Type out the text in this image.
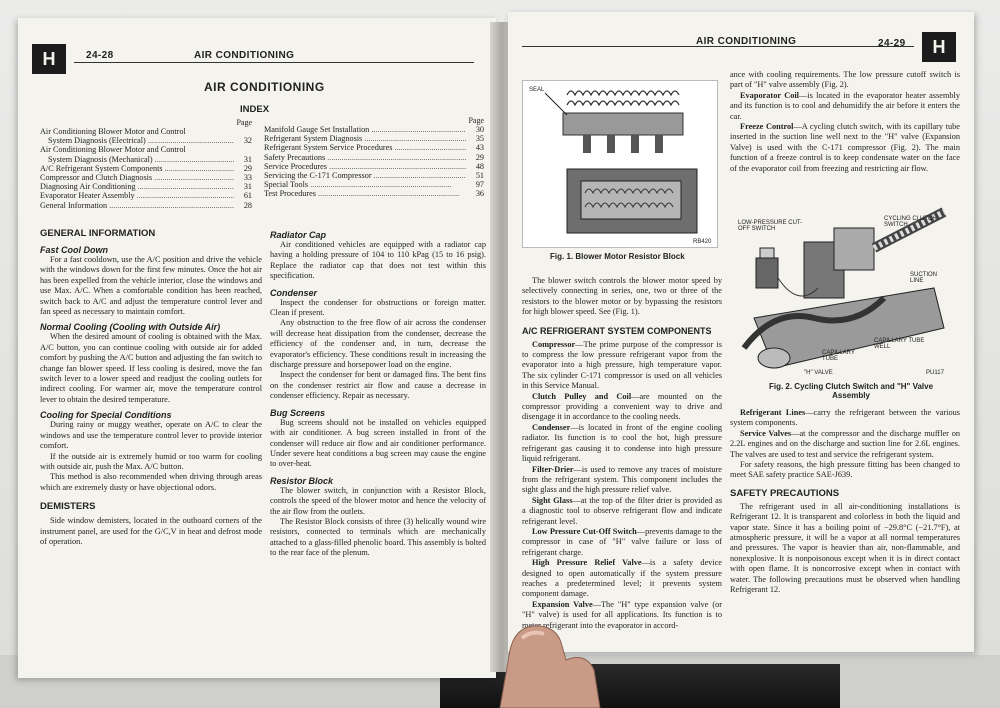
H	24-28	AIR CONDITIONING
AIR CONDITIONING
INDEX
Page
Air Conditioning Blower Motor and Control
System Diagnosis (Electrical) .....	32
Air Conditioning Blower Motor and Control
System Diagnosis (Mechanical) .....	31
A/C Refrigerant System Components .....	29
Compressor and Clutch Diagnosis .....	33
Diagnosing Air Conditioning .....	31
Evaporator Heater Assembly .....	61
General Information .....	28
Page
Manifold Gauge Set Installation .....	30
Refrigerant System Diagnosis .....	35
Refrigerant System Service Procedures .....	43
Safety Precautions .....	29
Service Procedures .....	48
Servicing the C-171 Compressor .....	51
Special Tools .....	97
Test Procedures .....	36
GENERAL INFORMATION
Fast Cool Down

For a fast cooldown, use the A/C position and drive the vehicle with the windows down for the first few minutes. Once the hot air has been expelled from the vehicle interior, close the windows and use Max. A/C. When a comfortable condition has been reached, switch back to A/C and adjust the temperature control lever and fan speed as necessary to maintain comfort.

Normal Cooling (Cooling with Outside Air)

When the desired amount of cooling is obtained with the Max. A/C button, you can continue cooling with outside air for added comfort by pushing the A/C button and adjusting the fan switch to change fan blower speed. If less cooling is desired, move the fan switch lever to a lower speed and readjust the cooling outlets for indirect cooling. For warmer air, move the temperature control lever to obtain the desired temperature.

Cooling for Special Conditions

During rainy or muggy weather, operate on A/C to clear the windows and use the temperature control lever to provide interior comfort.

If the outside air is extremely humid or too warm for cooling with outside air, push the Max. A/C button.

This method is also recommended when driving through areas which are extremely dusty or have objectional odors.

DEMISTERS

Side window demisters, located in the outboard corners of the instrument panel, are used for the G/C,V in heat and defrost mode of operation.

Radiator Cap

Air conditioned vehicles are equipped with a radiator cap having a holding pressure of 104 to 110 kPag (15 to 16 psig). Replace the radiator cap that does not test within this specification.

Condenser

Inspect the condenser for obstructions or foreign matter. Clean if present.

Any obstruction to the free flow of air across the condenser will decrease heat dissipation from the condenser, decrease the efficiency of the condenser and, in turn, decrease the evaporator's efficiency. These conditions result in increasing the discharge pressure and horsepower load on the engine.

Inspect the condenser for bent or damaged fins. The bent fins on the condenser restrict air flow and cause a decrease in condenser efficiency. Repair as necessary.

Bug Screens

Bug screens should not be installed on vehicles equipped with air conditioner. A bug screen installed in front of the condenser will reduce air flow and air conditioner performance. Under severe heat conditions a bug screen may cause the engine to over-heat.

Resistor Block

The blower switch, in conjunction with a Resistor Block, controls the speed of the blower motor and hence the velocity of the air flow from the outlets.

The Resistor Block consists of three (3) helically wound wire resistors, connected to terminals which are mechanically attached to a glass-filled phenolic board. This assembly is bolted to the rear face of the plenum.

AIR CONDITIONING	24-29	H
SEAL
RB420
Fig. 1. Blower Motor Resistor Block

The blower switch controls the blower motor speed by selectively connecting in series, one, two or three of the resistors to the blower motor or by bypassing the resistors for high blower speed. See (Fig. 1).

A/C REFRIGERANT SYSTEM COMPONENTS

Compressor—The prime purpose of the compressor is to compress the low pressure refrigerant vapor from the evaporator into a high pressure, high temperature vapor. The six cylinder C-171 compressor is used on all vehicles in this Service Manual.

Clutch Pulley and Coil—are mounted on the compressor providing a convenient way to drive and disengage it in accordance to the cooling needs.

Condenser—is located in front of the engine cooling radiator. Its function is to cool the hot, high pressure refrigerant gas causing it to condense into high pressure liquid refrigerant.

Filter-Drier—is used to remove any traces of moisture from the refrigerant system. This component includes the sight glass and the high pressure relief valve.

Sight Glass—at the top of the filter drier is provided as a diagnostic tool to observe refrigerant flow and indicate refrigerant level.

Low Pressure Cut-Off Switch—prevents damage to the compressor in case of "H" valve failure or loss of refrigerant charge.

High Pressure Relief Valve—is a safety device designed to open automatically if the system pressure reaches a predetermined level; it prevents system component damage.

Expansion Valve—The "H" type expansion valve (or "H" valve) is used for all applications. Its function is to meter refrigerant into the evaporator in accord-

ance with cooling requirements. The low pressure cutoff switch is part of "H" valve assembly (Fig. 2).

Evaporator Coil—is located in the evaporator heater assembly and its function is to cool and dehumidify the air before it enters the car.

Freeze Control—A cycling clutch switch, with its capillary tube inserted in the suction line well next to the "H" valve (Expansion Valve) is used with the C-171 compressor (Fig. 2). The main function of a freeze control is to keep condensate water on the face of the evaporator coil from freezing and restricting air flow.

LOW-PRESSURE CUT-OFF SWITCH
CYCLING CLUTCH SWITCH
SUCTION LINE
CAPILLARY TUBE
CAPILLARY TUBE WELL
"H" VALVE	PU117
Fig. 2. Cycling Clutch Switch and "H" Valve Assembly

Refrigerant Lines—carry the refrigerant between the various system components.

Service Valves—at the compressor and the discharge muffler on 2.2L engines and on the discharge and suction line for 2.6L engines. The valves are used to test and service the refrigerant system.

For safety reasons, the high pressure fitting has been changed to meet SAE safety practice SAE-J639.

SAFETY PRECAUTIONS

The refrigerant used in all air-conditioning installations is Refrigerant 12. It is transparent and colorless in both the liquid and vapor state. Since it has a boiling point of −29.8°C (−21.7°F), at atmospheric pressure, it will be a vapor at all normal temperatures and pressures. The vapor is heavier than air, non-flammable, and nonexplosive. It is nonpoisonous except when it is in direct contact with open flame. It is noncorrosive except when in contact with water. The following precautions must be observed when handling Refrigerant 12.
